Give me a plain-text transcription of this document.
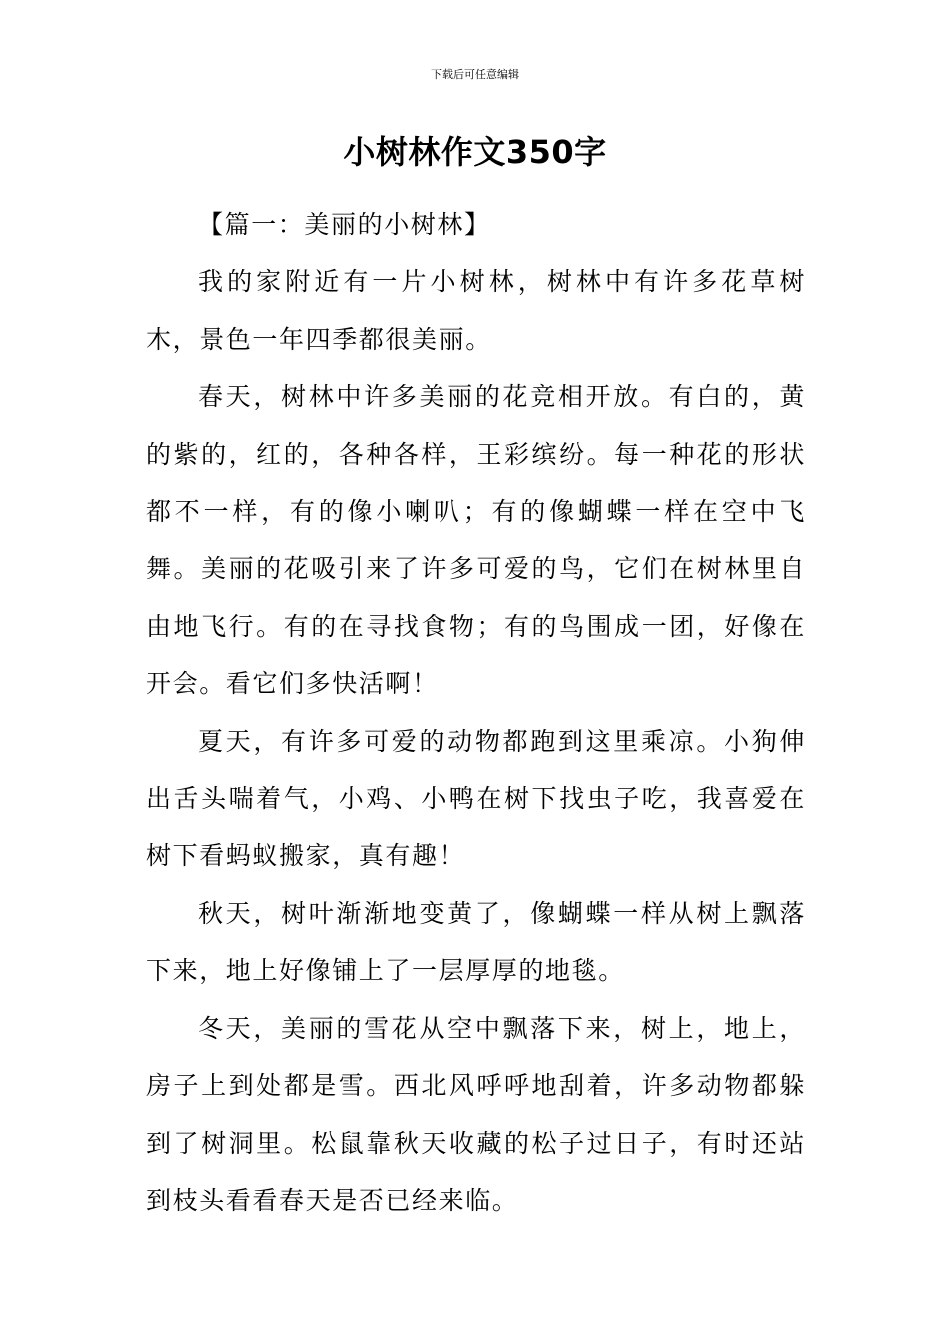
下载后可任意编辑
小树林作文350字

【篇一：美丽的小树林】

我的家附近有一片小树林，树林中有许多花草树木，景色一年四季都很美丽。

春天，树林中许多美丽的花竞相开放。有白的，黄的紫的，红的，各种各样，王彩缤纷。每一种花的形状都不一样，有的像小喇叭；有的像蝴蝶一样在空中飞舞。美丽的花吸引来了许多可爱的鸟，它们在树林里自由地飞行。有的在寻找食物；有的鸟围成一团，好像在开会。看它们多快活啊！

夏天，有许多可爱的动物都跑到这里乘凉。小狗伸出舌头喘着气，小鸡、小鸭在树下找虫子吃，我喜爱在树下看蚂蚁搬家，真有趣！

秋天，树叶渐渐地变黄了，像蝴蝶一样从树上飘落下来，地上好像铺上了一层厚厚的地毯。

冬天，美丽的雪花从空中飘落下来，树上，地上，房子上到处都是雪。西北风呼呼地刮着，许多动物都躲到了树洞里。松鼠靠秋天收藏的松子过日子，有时还站到枝头看看春天是否已经来临。
